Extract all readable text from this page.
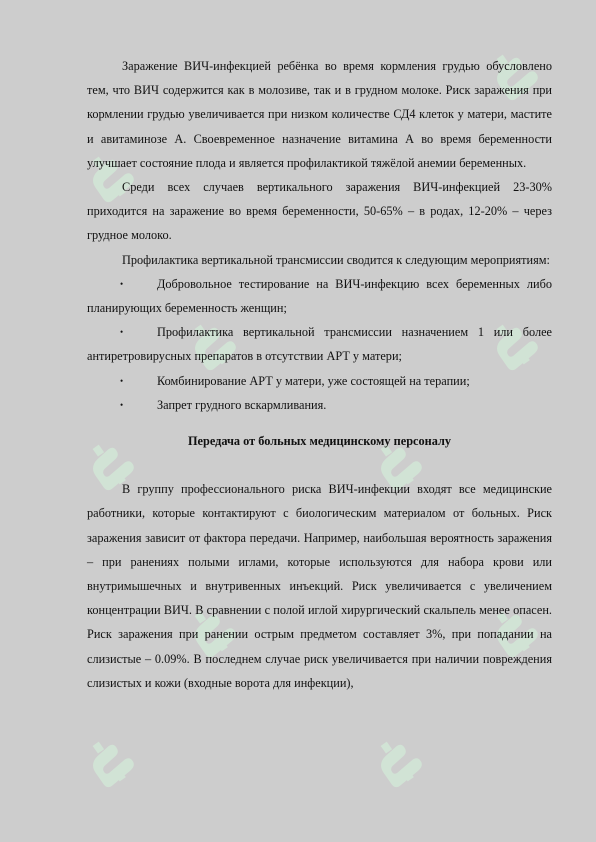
Заражение ВИЧ-инфекцией ребёнка во время кормления грудью обусловлено тем, что ВИЧ содержится как в молозиве, так и в грудном молоке. Риск заражения при кормлении грудью увеличивается при низком количестве СД4 клеток у матери, мастите и авитаминозе А. Своевременное назначение витамина А во время беременности улучшает состояние плода и является профилактикой тяжёлой анемии беременных.

Среди всех случаев вертикального заражения ВИЧ-инфекцией 23-30% приходится на заражение во время беременности, 50-65% – в родах, 12-20% – через грудное молоко.

Профилактика вертикальной трансмиссии сводится к следующим мероприятиям:

•	Добровольное тестирование на ВИЧ-инфекцию всех беременных либо планирующих беременность женщин;
•	Профилактика вертикальной трансмиссии назначением 1 или более антиретровирусных препаратов в отсутствии АРТ у матери;
•	Комбинирование АРТ у матери, уже состоящей на терапии;
•	Запрет грудного вскармливания.

Передача от больных медицинскому персоналу

В группу профессионального риска ВИЧ-инфекции входят все медицинские работники, которые контактируют с биологическим материалом от больных. Риск заражения зависит от фактора передачи. Например, наибольшая вероятность заражения – при ранениях полыми иглами, которые используются для набора крови или внутримышечных и внутривенных инъекций. Риск увеличивается с увеличением концентрации ВИЧ. В сравнении с полой иглой хирургический скальпель менее опасен. Риск заражения при ранении острым предметом составляет 3%, при попадании на слизистые – 0.09%. В последнем случае риск увеличивается при наличии повреждения слизистых и кожи (входные ворота для инфекции),
